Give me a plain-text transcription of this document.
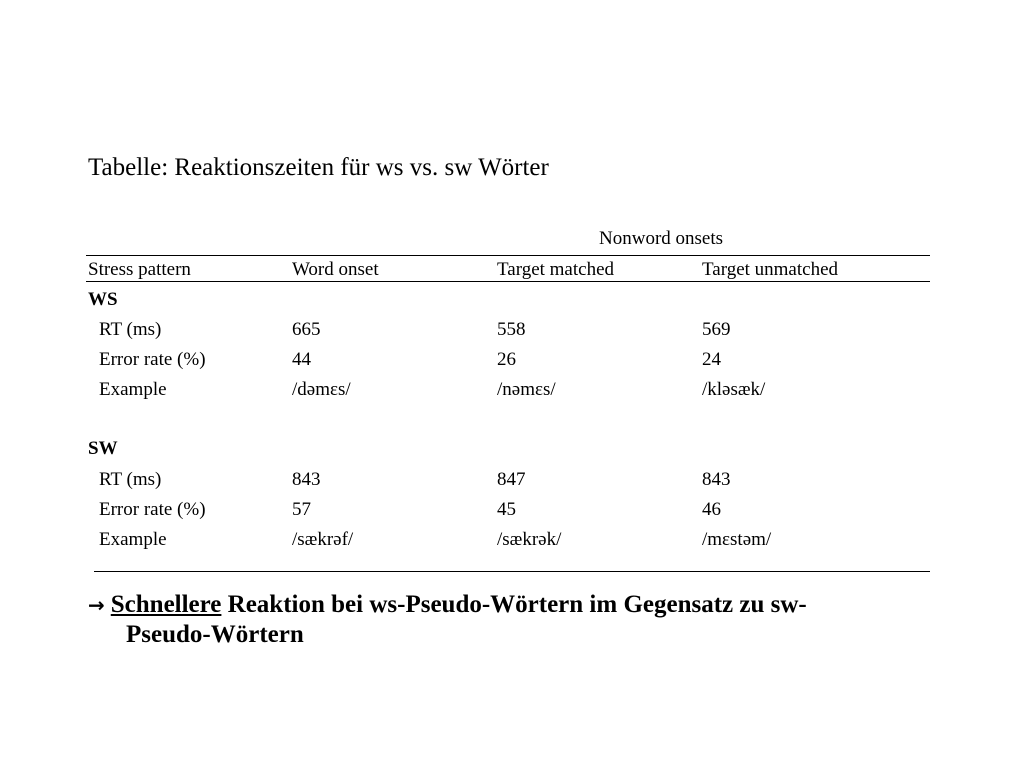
Tabelle: Reaktionszeiten für ws vs. sw Wörter
Nonword onsets
Stress pattern	Word onset	Target matched	Target unmatched
WS
RT (ms)	665	558	569
Error rate (%)	44	26	24
Example	/dəmɛs/	/nəmɛs/	/kləsæk/
SW
RT (ms)	843	847	843
Error rate (%)	57	45	46
Example	/sækrəf/	/sækrək/	/mɛstəm/
→ Schnellere Reaktion bei ws-Pseudo-Wörtern im Gegensatz zu sw-
Pseudo-Wörtern
